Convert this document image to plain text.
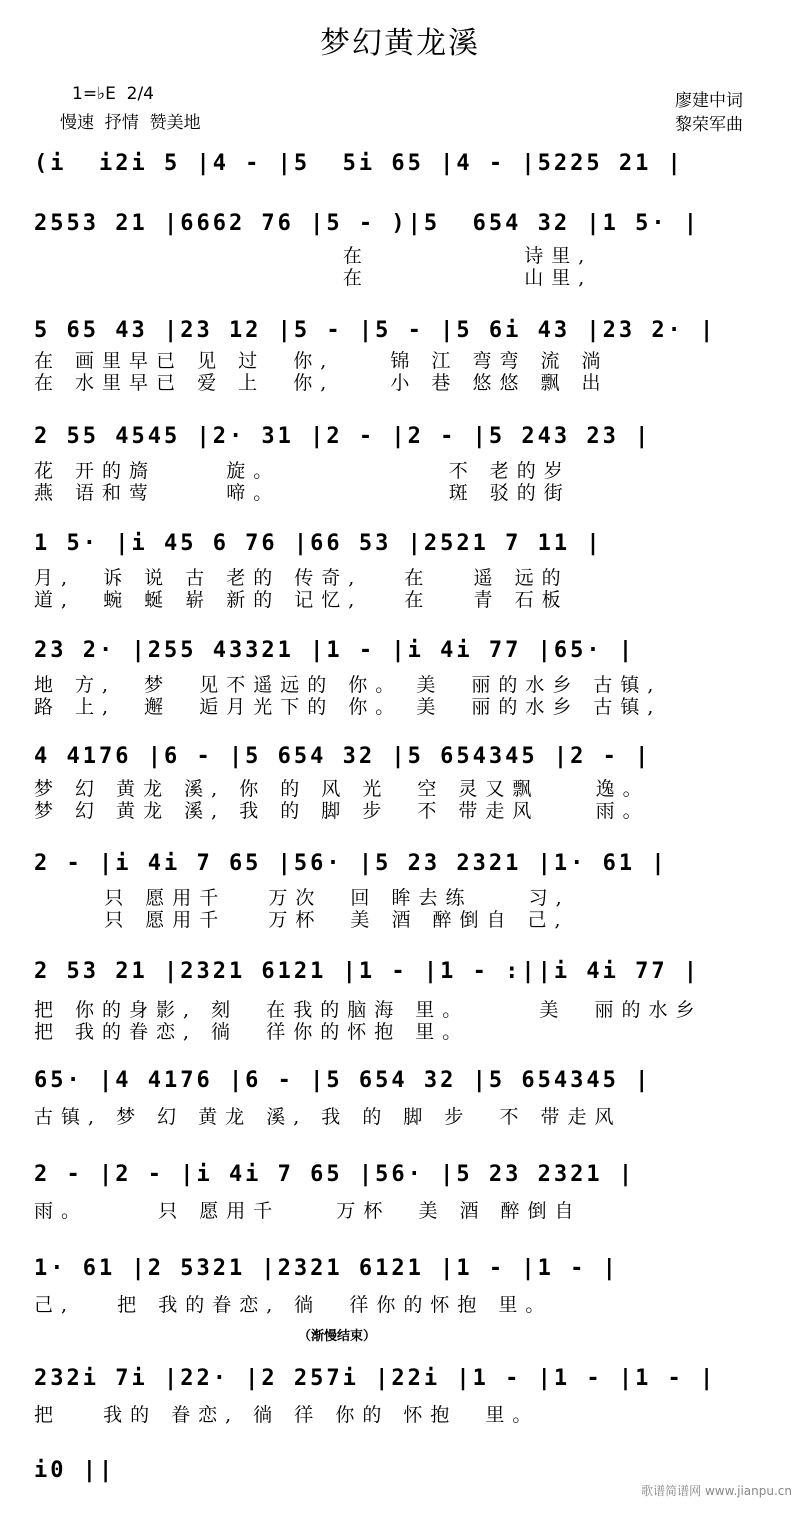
梦幻黄龙溪
1=♭E  2/4
慢速  抒情  赞美地
廖建中词
黎荣军曲

(i  i2i 5 |4 - |5  5i 65 |4 - |5225 21 |

2553 21 |6662 76 |5 - )|5  654 32 |1 5· |

在           诗里,
在           山里,

5 65 43 |23 12 |5 - |5 - |5 6i 43 |23 2· |

在 画里早已 见 过  你,    锦 江 弯弯 流 淌
在 水里早已 爱 上  你,    小 巷 悠悠 飘 出

2 55 4545 |2· 31 |2 - |2 - |5 243 23 |

花 开的旖     旋。            不 老的岁
燕 语和莺     啼。            斑 驳的街

1 5· |i 45 6 76 |66 53 |2521 7 11 |

月,  诉 说 古 老的 传奇,   在   遥 远的
道,  蜿 蜒 崭 新的 记忆,   在   青 石板

23 2· |255 43321 |1 - |i 4i 77 |65· |

地 方,  梦  见不遥远的 你。 美  丽的水乡 古镇,
路 上,  邂  逅月光下的 你。 美  丽的水乡 古镇,

4 4176 |6 - |5 654 32 |5 654345 |2 - |

梦 幻 黄龙 溪, 你 的 风 光  空 灵又飘    逸。
梦 幻 黄龙 溪, 我 的 脚 步  不 带走风    雨。

2 - |i 4i 7 65 |56· |5 23 2321 |1· 61 |

只 愿用千   万次  回 眸去练    习,
只 愿用千   万杯  美 酒 醉倒自 己,

2 53 21 |2321 6121 |1 - |1 - :||i 4i 77 |

把 你的身影, 刻  在我的脑海 里。     美  丽的水乡
把 我的眷恋, 徜  徉你的怀抱 里。

65· |4 4176 |6 - |5 654 32 |5 654345 |

古镇, 梦 幻 黄龙 溪, 我 的 脚 步  不 带走风

2 - |2 - |i 4i 7 65 |56· |5 23 2321 |

雨。     只 愿用千    万杯  美 酒 醉倒自

1· 61 |2 5321 |2321 6121 |1 - |1 - |

己,   把 我的眷恋, 徜  徉你的怀抱 里。
（渐慢结束）

232i 7i |22· |2 257i |22i |1 - |1 - |1 - |

把   我的 眷恋, 徜 徉 你的 怀抱  里。

i0 ||

歌谱简谱网 www.jianpu.cn
